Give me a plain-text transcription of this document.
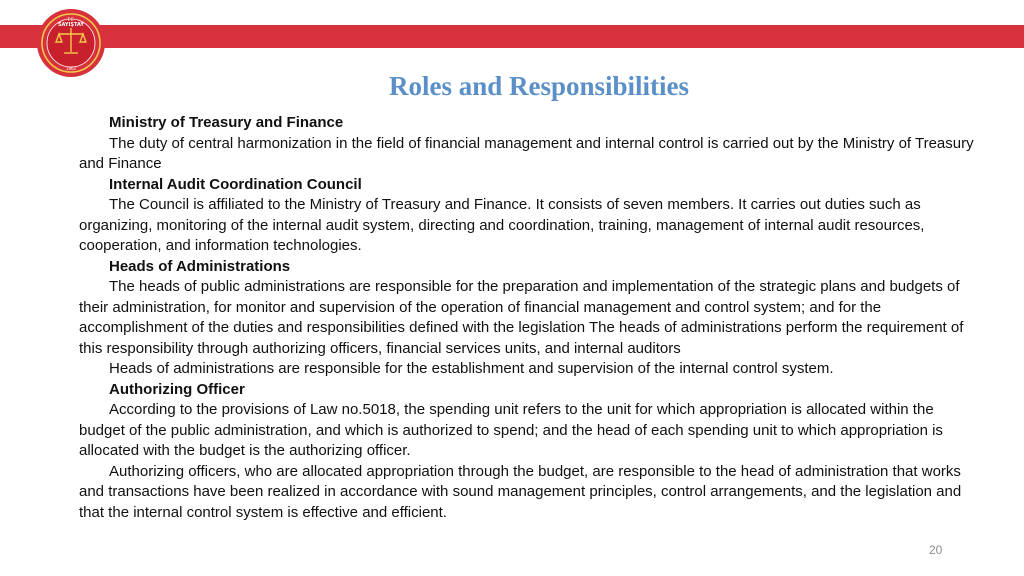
T.C.
SAYIŞTAY
1862
Roles and Responsibilities

Ministry of Treasury and Finance

The duty of central harmonization in the field of financial management and internal control is carried out by the Ministry of Treasury and Finance

Internal Audit Coordination Council

The Council is affiliated to the Ministry of Treasury and Finance. It consists of seven members. It carries out duties such as organizing, monitoring of the internal audit system, directing and coordination, training, management of internal audit resources, cooperation, and information technologies.

Heads of Administrations

The heads of public administrations are responsible for the preparation and implementation of the strategic plans and budgets of their administration, for monitor and supervision of the operation of financial management and control system; and for the accomplishment of the duties and responsibilities defined with the legislation The heads of administrations perform the requirement of this responsibility through authorizing officers, financial services units, and internal auditors

Heads of administrations are responsible for the establishment and supervision of the internal control system.

Authorizing Officer

According to the provisions of Law no.5018, the spending unit refers to the unit for which appropriation is allocated within the budget of the public administration, and which is authorized to spend; and the head of each spending unit to which appropriation is allocated with the budget is the authorizing officer.

Authorizing officers, who are allocated appropriation through the budget, are responsible to the head of administration that works and transactions have been realized in accordance with sound management principles, control arrangements, and the legislation and that the internal control system is effective and efficient.

20
